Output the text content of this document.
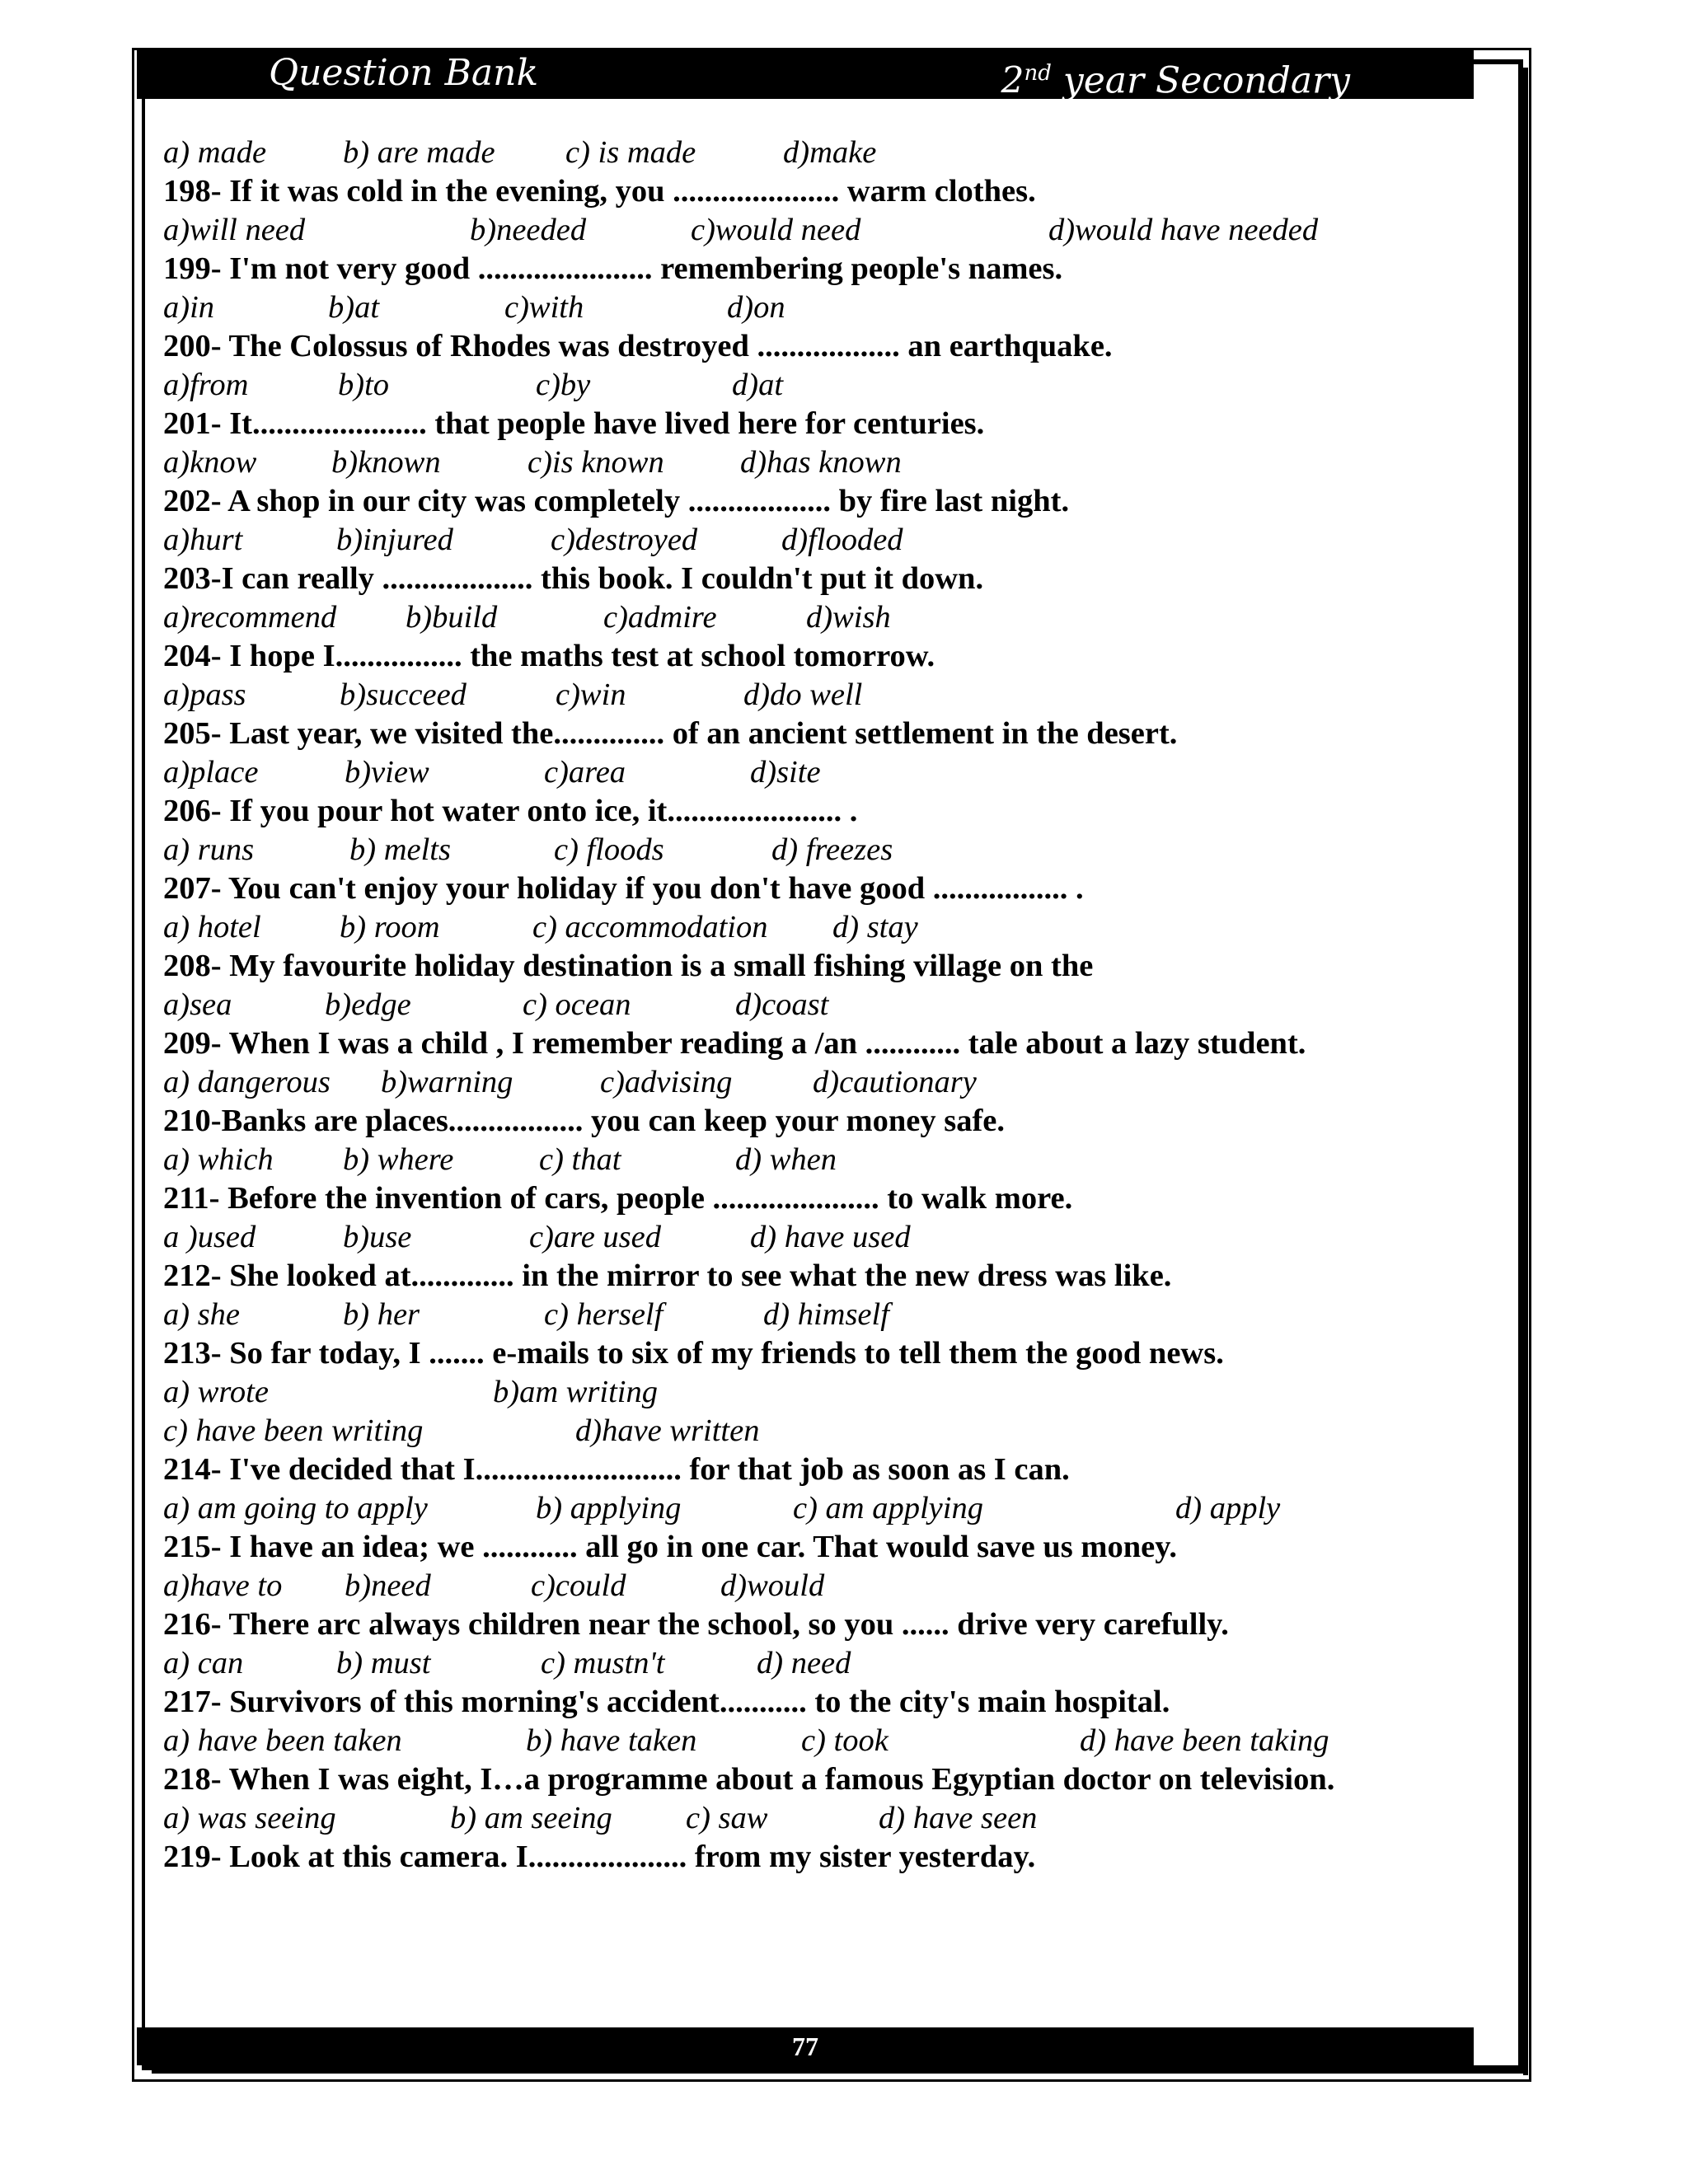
Question Bank	2nd year Secondary
a) made b) are made c) is made	d)make

198- If it was cold in the evening, you ..................... warm clothes.

a)will need	b)needed	c)would need	d)would have needed

199- I'm not very good ...................... remembering people's names.

a)in	b)at	c)with	d)on

200- The Colossus of Rhodes was destroyed .................. an earthquake.

a)from	b)to	c)by	d)at

201- It...................... that people have lived here for centuries.

a)know b)known	c)is known d)has known

202- A shop in our city was completely .................. by fire last night.

a)hurt	b)injured	c)destroyed	d)flooded

203-I can really ................... this book. I couldn't put it down.

a)recommend b)build	c)admire	d)wish

204- I hope I................ the maths test at school tomorrow.

a)pass	b)succeed	c)win	d)do well

205- Last year, we visited the.............. of an ancient settlement in the desert.

a)place	b)view	c)area	d)site

206- If you pour hot water onto ice, it...................... .

a) runs	b) melts	c) floods	d) freezes

207- You can't enjoy your holiday if you don't have good ................. .

a) hotel b) room	c) accommodation d) stay

208- My favourite holiday destination is a small fishing village on the

a)sea	b)edge	c) ocean	d)coast

209- When I was a child , I remember reading a /an ............ tale about a lazy student.

a) dangerous b)warning	c)advising	d)cautionary

210-Banks are places................. you can keep your money safe.

a) which b) where	c) that	d) when

211- Before the invention of cars, people ..................... to walk more.

a )used	b)use	c)are used	d) have used

212- She looked at............. in the mirror to see what the new dress was like.

a) she	b) her	c) herself	d) himself

213- So far today, I ....... e-mails to six of my friends to tell them the good news.

a) wrote	b)am writing
c) have been writing	d)have written

214- I've decided that I.......................... for that job as soon as I can.

a) am going to apply	b) applying	c) am applying	d) apply

215- I have an idea; we ............ all go in one car. That would save us money.

a)have to b)need	c)could	d)would

216- There arc always children near the school, so you ...... drive very carefully.

a) can	b) must	c) mustn't	d) need

217- Survivors of this morning's accident........... to the city's main hospital.

a) have been taken	b) have taken	c) took	d) have been taking

218- When I was eight, I…a programme about a famous Egyptian doctor on television.

a) was seeing	b) am seeing c) saw	d) have seen

219- Look at this camera. I.................... from my sister yesterday.

77
